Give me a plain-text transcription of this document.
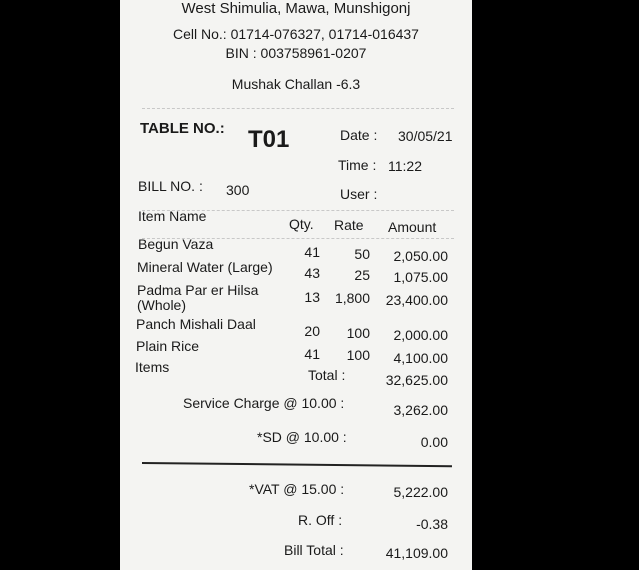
West Shimulia, Mawa, Munshigonj
Cell No.: 01714-076327, 01714-016437
BIN : 003758961-0207
Mushak Challan -6.3
TABLE NO.: T01	Date : 30/05/21
Time : 11:22
BILL NO. : 300	User :
Item Name	Qty. Rate Amount
Begun Vaza	41	50	2,050.00
Mineral Water (Large)	43	25	1,075.00
Padma Par er Hilsa
(Whole)	13	1,800	23,400.00
Panch Mishali Daal	20	100	2,000.00
Plain Rice	41	100	4,100.00
Items	Total :	32,625.00
Service Charge @ 10.00 :	3,262.00
*SD @ 10.00 :	0.00
*VAT @ 15.00 :	5,222.00
R. Off :	-0.38
Bill Total :	41,109.00
